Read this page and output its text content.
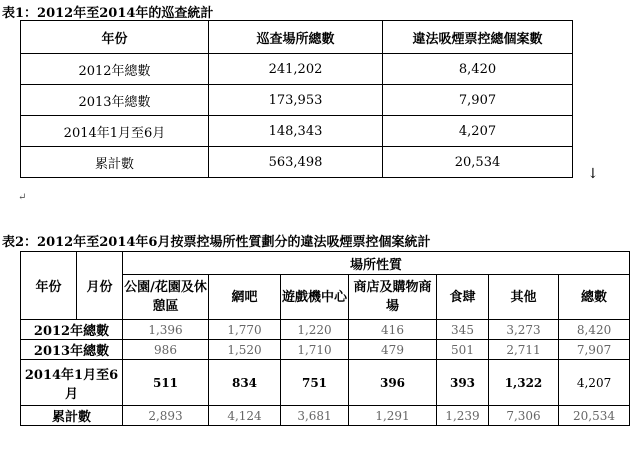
表1：2012年至2014年的巡查統計
年份	巡查場所總數	違法吸煙票控總個案數
2012年總數	241,202	8,420
2013年總數	173,953	7,907
2014年1月至6月	148,343	4,207
累計數	563,498	20,534
↓
↵
表2：2012年至2014年6月按票控場所性質劃分的違法吸煙票控個案統計
年份	月份	場所性質						
		公園/花園及休憩區	網吧	遊戲機中心	商店及購物商場	食肆	其他	總數
2012年總數		1,396	1,770	1,220	416	345	3,273	8,420
2013年總數		986	1,520	1,710	479	501	2,711	7,907
2014年1月至6月		511	834	751	396	393	1,322	4,207
累計數		2,893	4,124	3,681	1,291	1,239	7,306	20,534
